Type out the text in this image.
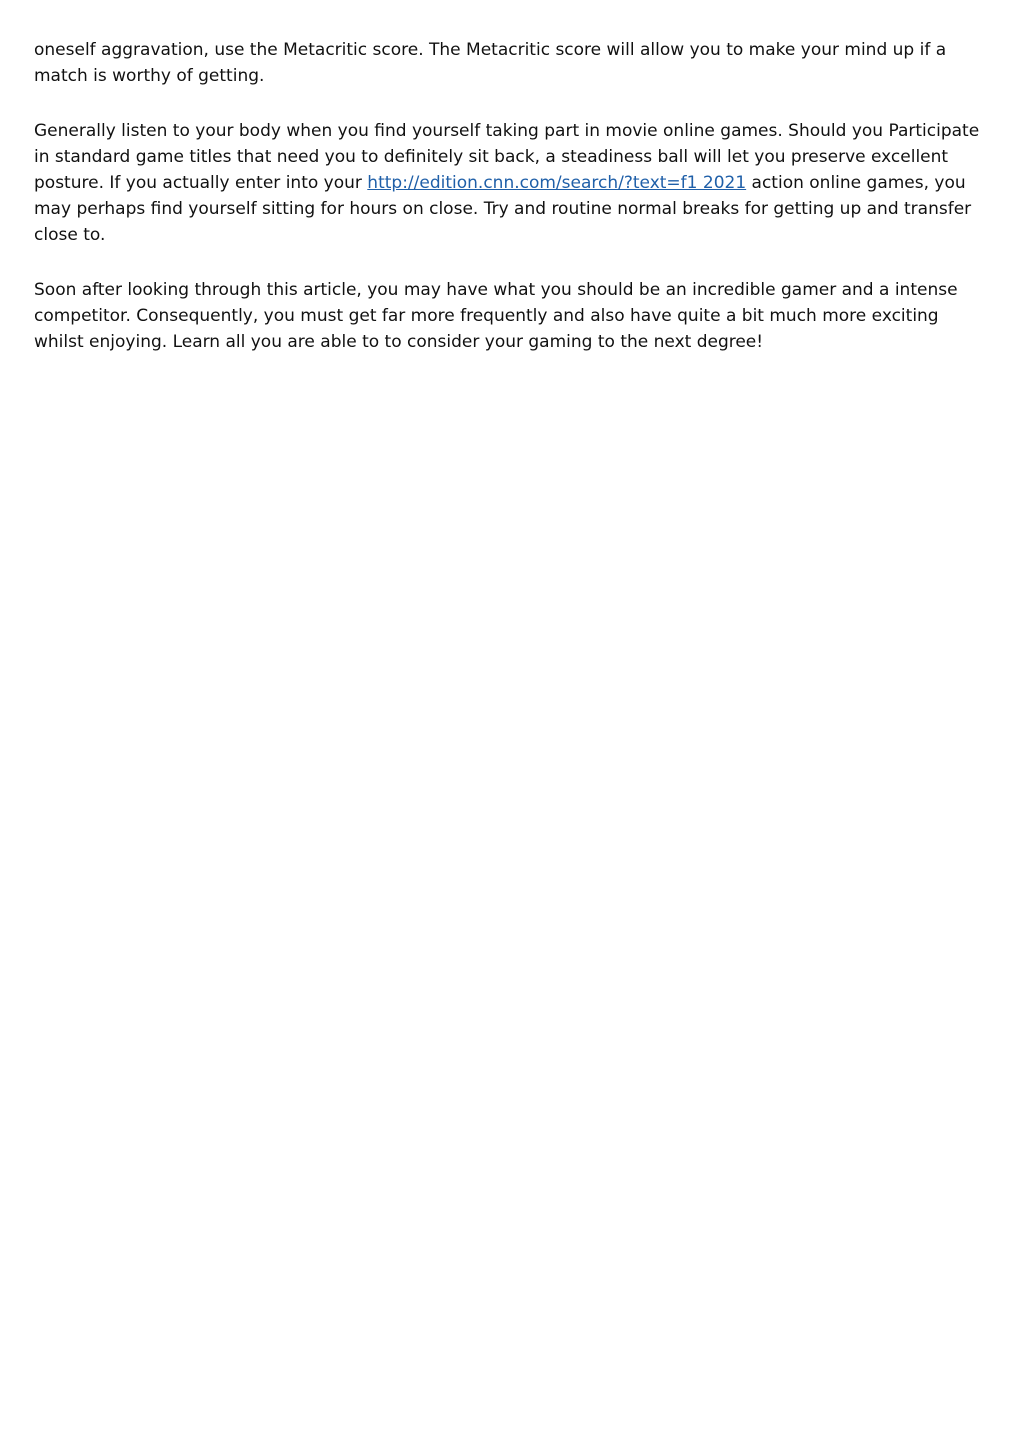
oneself aggravation, use the Metacritic score. The Metacritic score will allow you to make your mind up if a match is worthy of getting.

Generally listen to your body when you find yourself taking part in movie online games. Should you Participate in standard game titles that need you to definitely sit back, a steadiness ball will let you preserve excellent posture. If you actually enter into your http://edition.cnn.com/search/?text=f1 2021 action online games, you may perhaps find yourself sitting for hours on close. Try and routine normal breaks for getting up and transfer close to.

Soon after looking through this article, you may have what you should be an incredible gamer and a intense competitor. Consequently, you must get far more frequently and also have quite a bit much more exciting whilst enjoying. Learn all you are able to to consider your gaming to the next degree!
